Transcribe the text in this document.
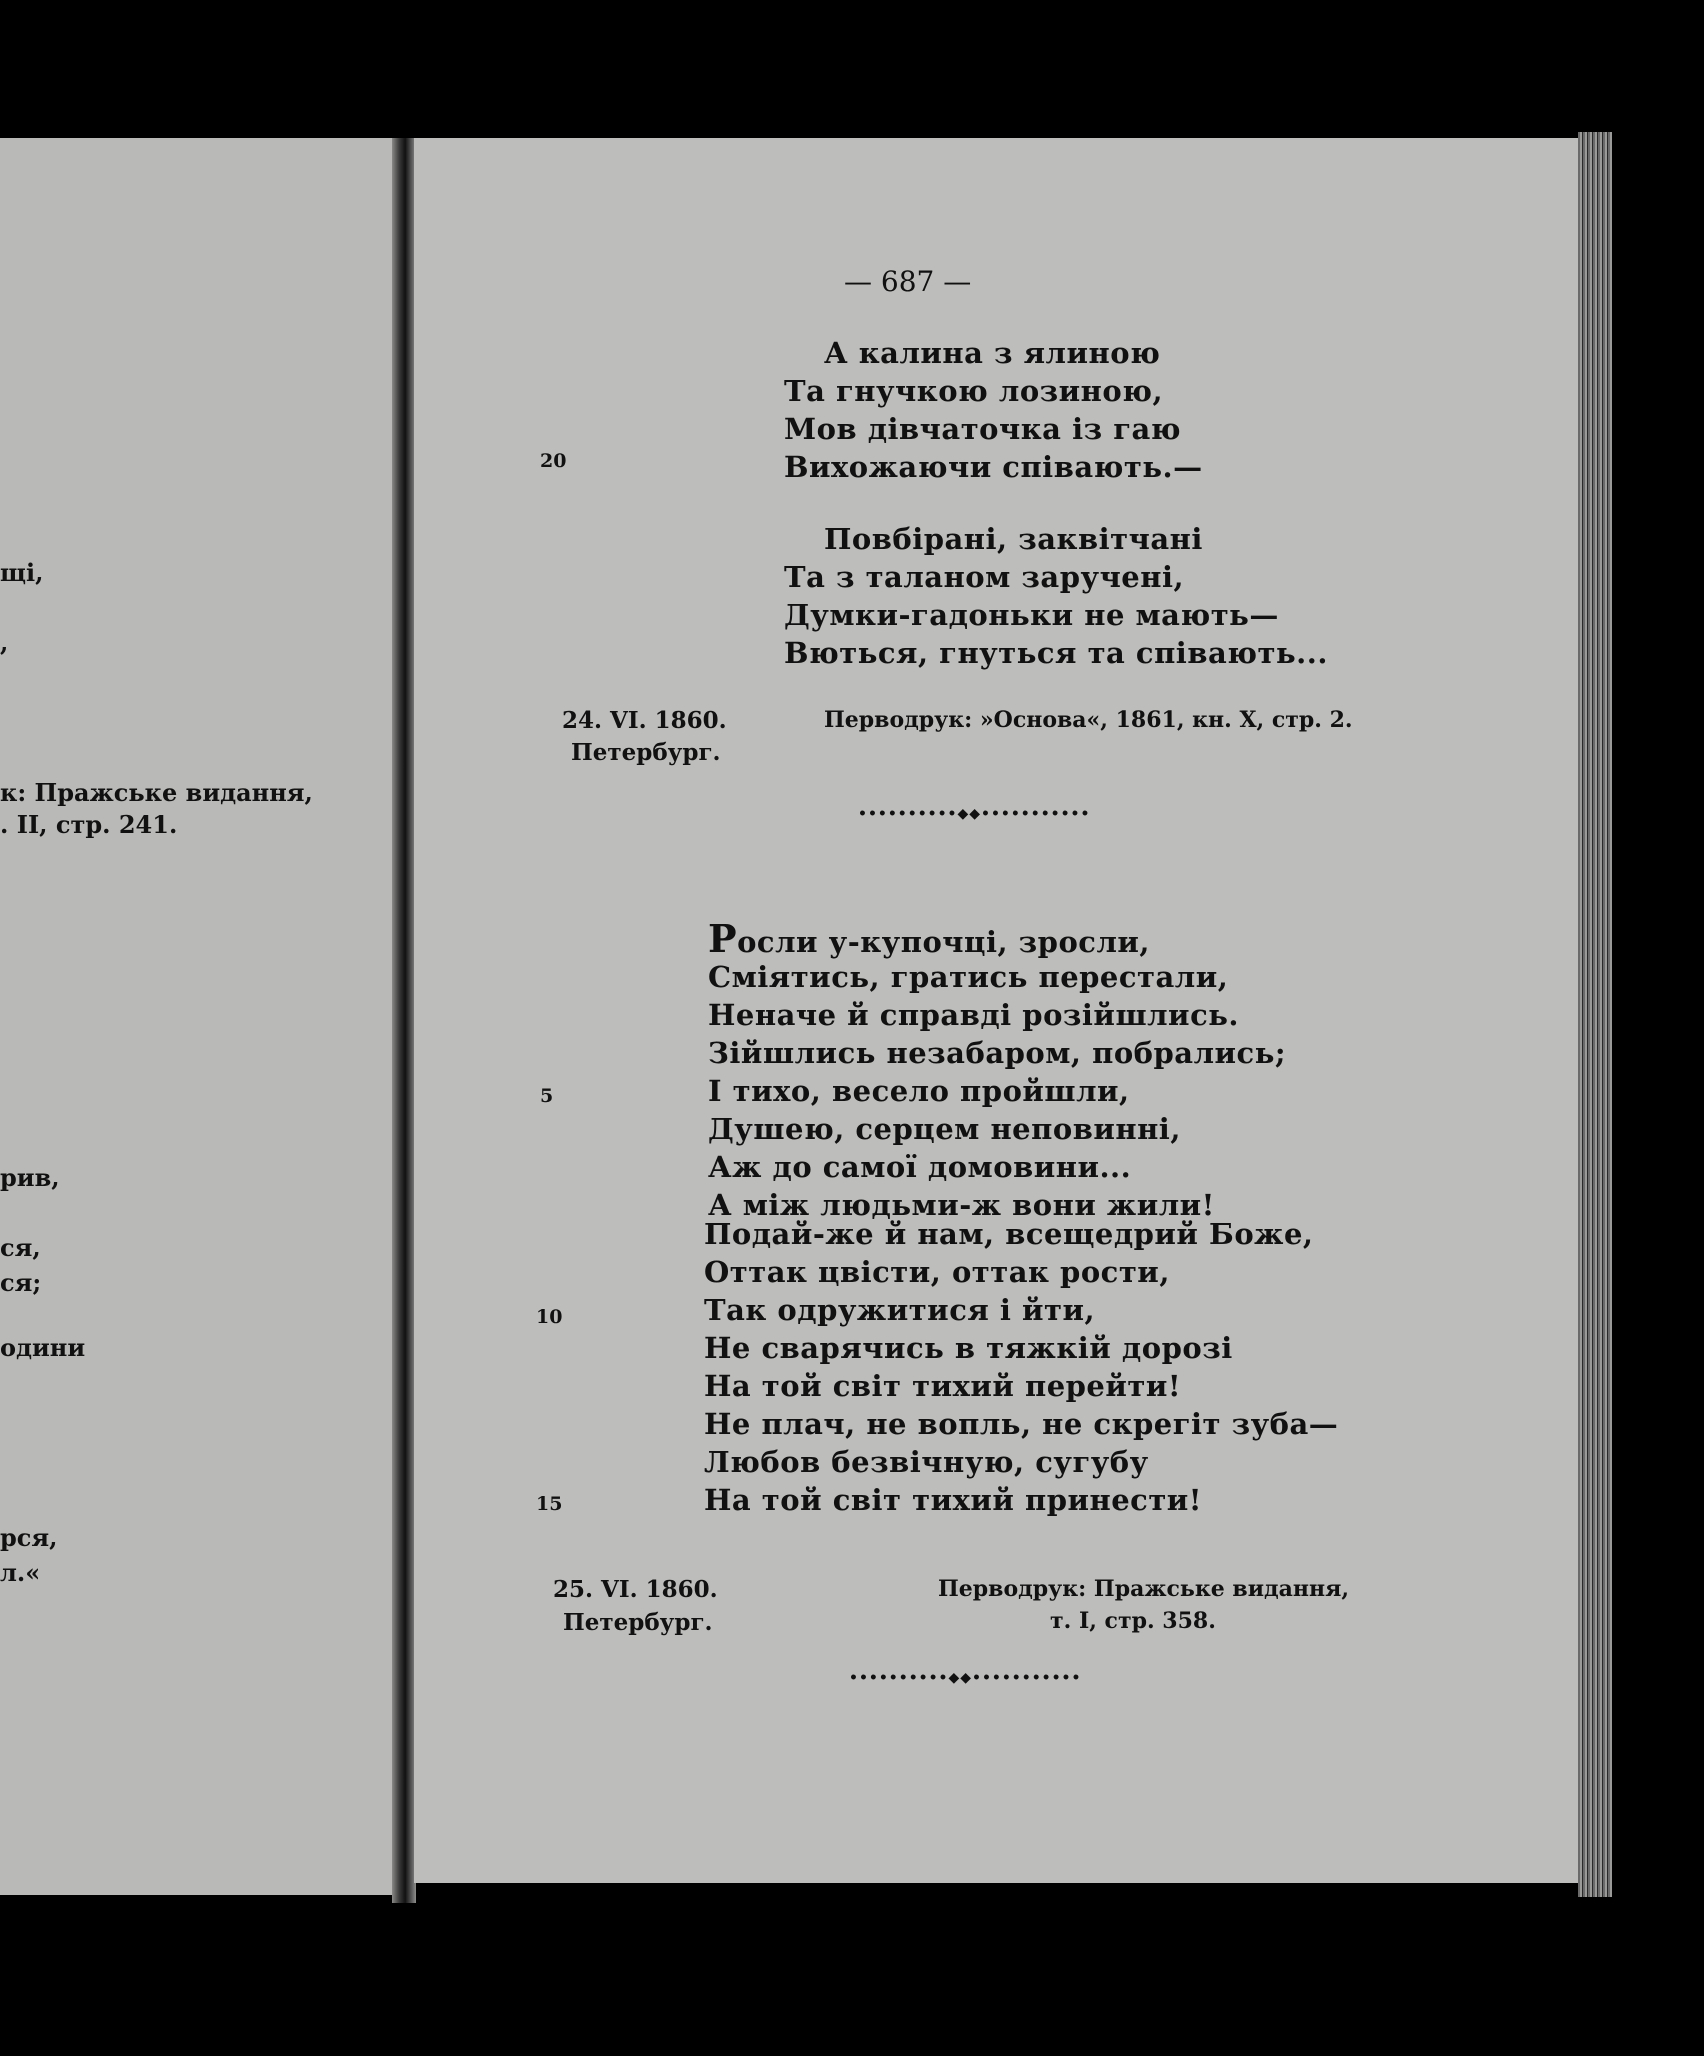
щі,
,
к: Пражське видання,
. II, стр. 241.
рив,
ся,
ся;
одини
рся,
л.«
— 687 —
А калина з ялиною
Та гнучкою лозиною,
Мов дівчаточка із гаю
Вихожаючи співають.—
20
Повбірані, заквітчані
Та з таланом заручені,
Думки-гадоньки не мають—
Вються, гнуться та співають...
24. VI. 1860.
Петербург.
Перводрук: »Основа«, 1861, кн. X, стр. 2.
••••••••••◆◆•••••••••••
Росли у-купочці, зросли,
Сміятись, гратись перестали,
Неначе й справді розійшлись.
Зійшлись незабаром, побрались;
І тихо, весело пройшли,
Душею, серцем неповинні,
Аж до самої домовини...
А між людьми-ж вони жили!
5
Подай-же й нам, всещедрий Боже,
Оттак цвісти, оттак рости,
Так одружитися і йти,
Не сварячись в тяжкій дорозі
На той світ тихий перейти!
Не плач, не вопль, не скрегіт зуба—
Любов безвічную, сугубу
На той світ тихий принести!
10
15
25. VI. 1860.
Петербург.
Перводрук: Пражське видання,
т. I, стр. 358.
••••••••••◆◆•••••••••••
